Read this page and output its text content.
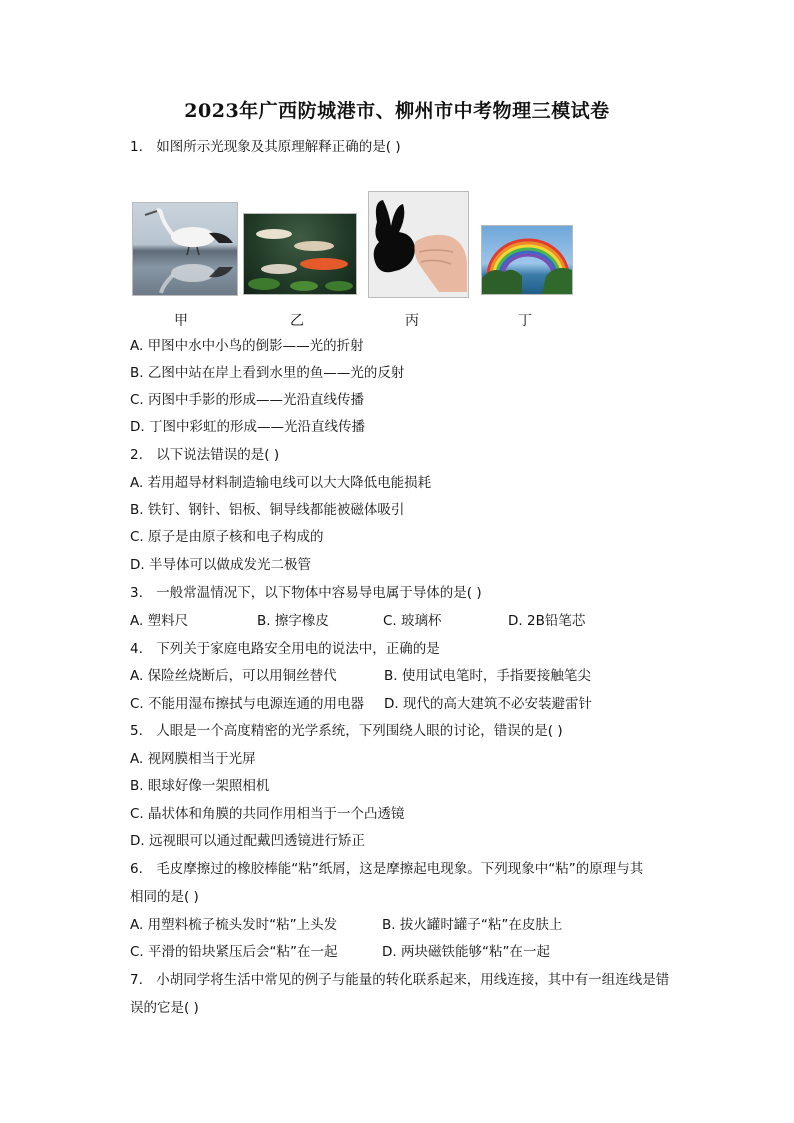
2023年广西防城港市、柳州市中考物理三模试卷
1. 如图所示光现象及其原理解释正确的是( )
甲	乙	丙	丁
A. 甲图中水中小鸟的倒影——光的折射
B. 乙图中站在岸上看到水里的鱼——光的反射
C. 丙图中手影的形成——光沿直线传播
D. 丁图中彩虹的形成——光沿直线传播
2. 以下说法错误的是( )
A. 若用超导材料制造输电线可以大大降低电能损耗
B. 铁钉、钢针、铝板、铜导线都能被磁体吸引
C. 原子是由原子核和电子构成的
D. 半导体可以做成发光二极管
3. 一般常温情况下，以下物体中容易导电属于导体的是( )
A. 塑料尺	B. 擦字橡皮	C. 玻璃杯	D. 2B铅笔芯
4. 下列关于家庭电路安全用电的说法中，正确的是
A. 保险丝烧断后，可以用铜丝替代	B. 使用试电笔时，手指要接触笔尖
C. 不能用湿布擦拭与电源连通的用电器 D. 现代的高大建筑不必安装避雷针
5. 人眼是一个高度精密的光学系统，下列围绕人眼的讨论，错误的是( )
A. 视网膜相当于光屏
B. 眼球好像一架照相机
C. 晶状体和角膜的共同作用相当于一个凸透镜
D. 远视眼可以通过配戴凹透镜进行矫正
6. 毛皮摩擦过的橡胶棒能“粘”纸屑，这是摩擦起电现象。下列现象中“粘”的原理与其
相同的是( )
A. 用塑料梳子梳头发时“粘”上头发	B. 拔火罐时罐子“粘”在皮肤上
C. 平滑的铅块紧压后会“粘”在一起	D. 两块磁铁能够“粘”在一起
7. 小胡同学将生活中常见的例子与能量的转化联系起来，用线连接，其中有一组连线是错
误的它是( )
